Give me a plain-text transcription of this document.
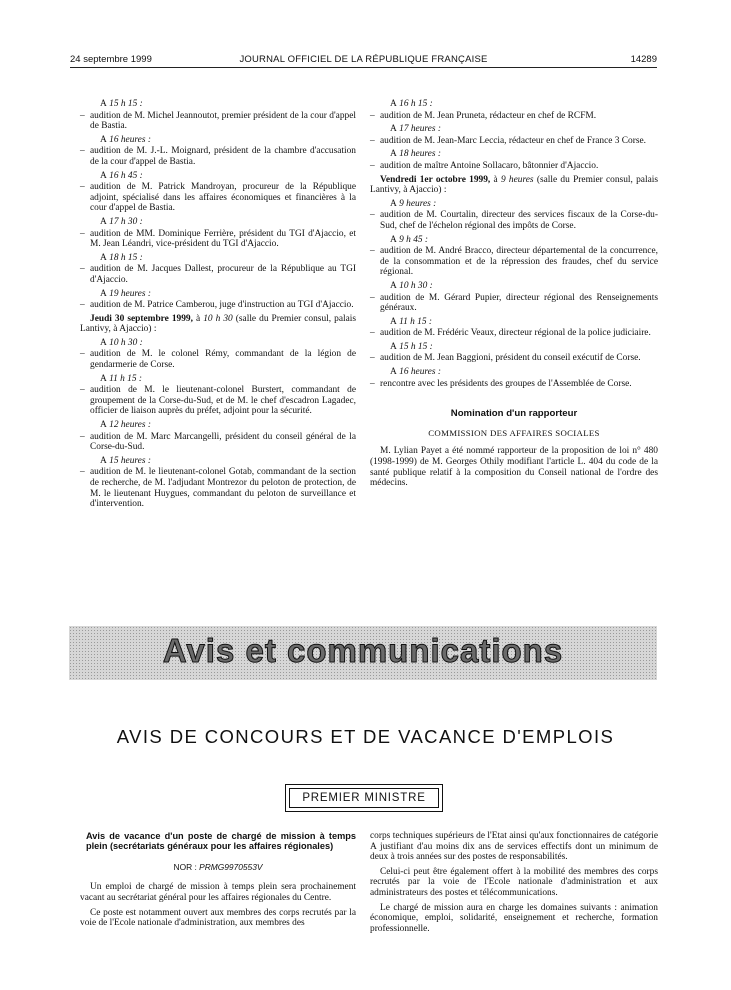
24 septembre 1999	JOURNAL OFFICIEL DE LA RÉPUBLIQUE FRANÇAISE	14289
A 15 h 15 :
– audition de M. Michel Jeannoutot, premier président de la cour d'appel de Bastia.
A 16 heures :
– audition de M. J.-L. Moignard, président de la chambre d'accusation de la cour d'appel de Bastia.
A 16 h 45 :
– audition de M. Patrick Mandroyan, procureur de la République adjoint, spécialisé dans les affaires économiques et financières à la cour d'appel de Bastia.
A 17 h 30 :
– audition de MM. Dominique Ferrière, président du TGI d'Ajaccio, et M. Jean Léandri, vice-président du TGI d'Ajaccio.
A 18 h 15 :
– audition de M. Jacques Dallest, procureur de la République au TGI d'Ajaccio.
A 19 heures :
– audition de M. Patrice Camberou, juge d'instruction au TGI d'Ajaccio.
Jeudi 30 septembre 1999, à 10 h 30 (salle du Premier consul, palais Lantivy, à Ajaccio) :
A 10 h 30 :
– audition de M. le colonel Rémy, commandant de la légion de gendarmerie de Corse.
A 11 h 15 :
– audition de M. le lieutenant-colonel Burstert, commandant de groupement de la Corse-du-Sud, et de M. le chef d'escadron Lagadec, officier de liaison auprès du préfet, adjoint pour la sécurité.
A 12 heures :
– audition de M. Marc Marcangelli, président du conseil général de la Corse-du-Sud.
A 15 heures :
– audition de M. le lieutenant-colonel Gotab, commandant de la section de recherche, de M. l'adjudant Montrezor du peloton de protection, de M. le lieutenant Huygues, commandant du peloton de surveillance et d'intervention.
A 16 h 15 :
– audition de M. Jean Pruneta, rédacteur en chef de RCFM.
A 17 heures :
– audition de M. Jean-Marc Leccia, rédacteur en chef de France 3 Corse.
A 18 heures :
– audition de maître Antoine Sollacaro, bâtonnier d'Ajaccio.
Vendredi 1er octobre 1999, à 9 heures (salle du Premier consul, palais Lantivy, à Ajaccio) :
A 9 heures :
– audition de M. Courtalin, directeur des services fiscaux de la Corse-du-Sud, chef de l'échelon régional des impôts de Corse.
A 9 h 45 :
– audition de M. André Bracco, directeur départemental de la concurrence, de la consommation et de la répression des fraudes, chef du service régional.
A 10 h 30 :
– audition de M. Gérard Pupier, directeur régional des Renseignements généraux.
A 11 h 15 :
– audition de M. Frédéric Veaux, directeur régional de la police judiciaire.
A 15 h 15 :
– audition de M. Jean Baggioni, président du conseil exécutif de Corse.
A 16 heures :
– rencontre avec les présidents des groupes de l'Assemblée de Corse.
Nomination d'un rapporteur
COMMISSION DES AFFAIRES SOCIALES

M. Lylian Payet a été nommé rapporteur de la proposition de loi n° 480 (1998-1999) de M. Georges Othily modifiant l'article L. 404 du code de la santé publique relatif à la composition du Conseil national de l'ordre des médecins.

Avis et communications
AVIS DE CONCOURS ET DE VACANCE D'EMPLOIS
PREMIER MINISTRE
Avis de vacance d'un poste de chargé de mission à temps plein (secrétariats généraux pour les affaires régionales)
NOR : PRMG9970553V

Un emploi de chargé de mission à temps plein sera prochainement vacant au secrétariat général pour les affaires régionales du Centre.

Ce poste est notamment ouvert aux membres des corps recrutés par la voie de l'Ecole nationale d'administration, aux membres des

corps techniques supérieurs de l'Etat ainsi qu'aux fonctionnaires de catégorie A justifiant d'au moins dix ans de services effectifs dont un minimum de deux à trois années sur des postes de responsabilités.

Celui-ci peut être également offert à la mobilité des membres des corps recrutés par la voie de l'Ecole nationale d'administration et aux administrateurs des postes et télécommunications.

Le chargé de mission aura en charge les domaines suivants : animation économique, emploi, solidarité, enseignement et recherche, formation professionnelle.
